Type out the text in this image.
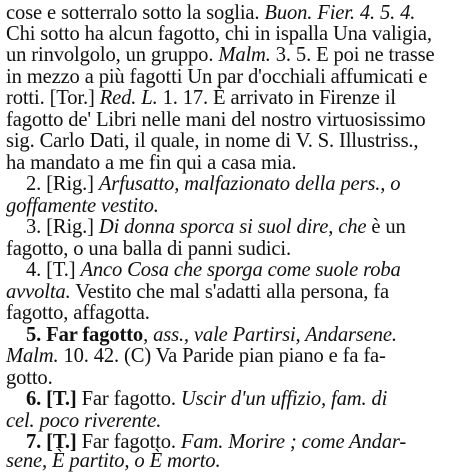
cose e sotterralo sotto la soglia. Buon. Fier. 4. 5. 4.
Chi sotto ha alcun fagotto, chi in ispalla Una valigia,
un rinvolgolo, un gruppo. Malm. 3. 5. E poi ne trasse
in mezzo a più fagotti Un par d'occhiali affumicati e
rotti. [Tor.] Red. L. 1. 17. È arrivato in Firenze il
fagotto de' Libri nelle mani del nostro virtuosissimo
sig. Carlo Dati, il quale, in nome di V. S. Illustriss.,
ha mandato a me fin qui a casa mia.
2. [Rig.] Arfusatto, malfazionato della pers., o
goffamente vestito.
3. [Rig.] Di donna sporca si suol dire, che è un
fagotto, o una balla di panni sudici.
4. [T.] Anco Cosa che sporga come suole roba
avvolta. Vestito che mal s'adatti alla persona, fa
fagotto, affagotta.
5. Far fagotto, ass., vale Partirsi, Andarsene.
Malm. 10. 42. (C) Va Paride pian piano e fa fa-
gotto.
6. [T.] Far fagotto. Uscir d'un uffizio, fam. di
cel. poco riverente.
7. [T.] Far fagotto. Fam. Morire ; come Andar-
sene, È partito, o È morto.
